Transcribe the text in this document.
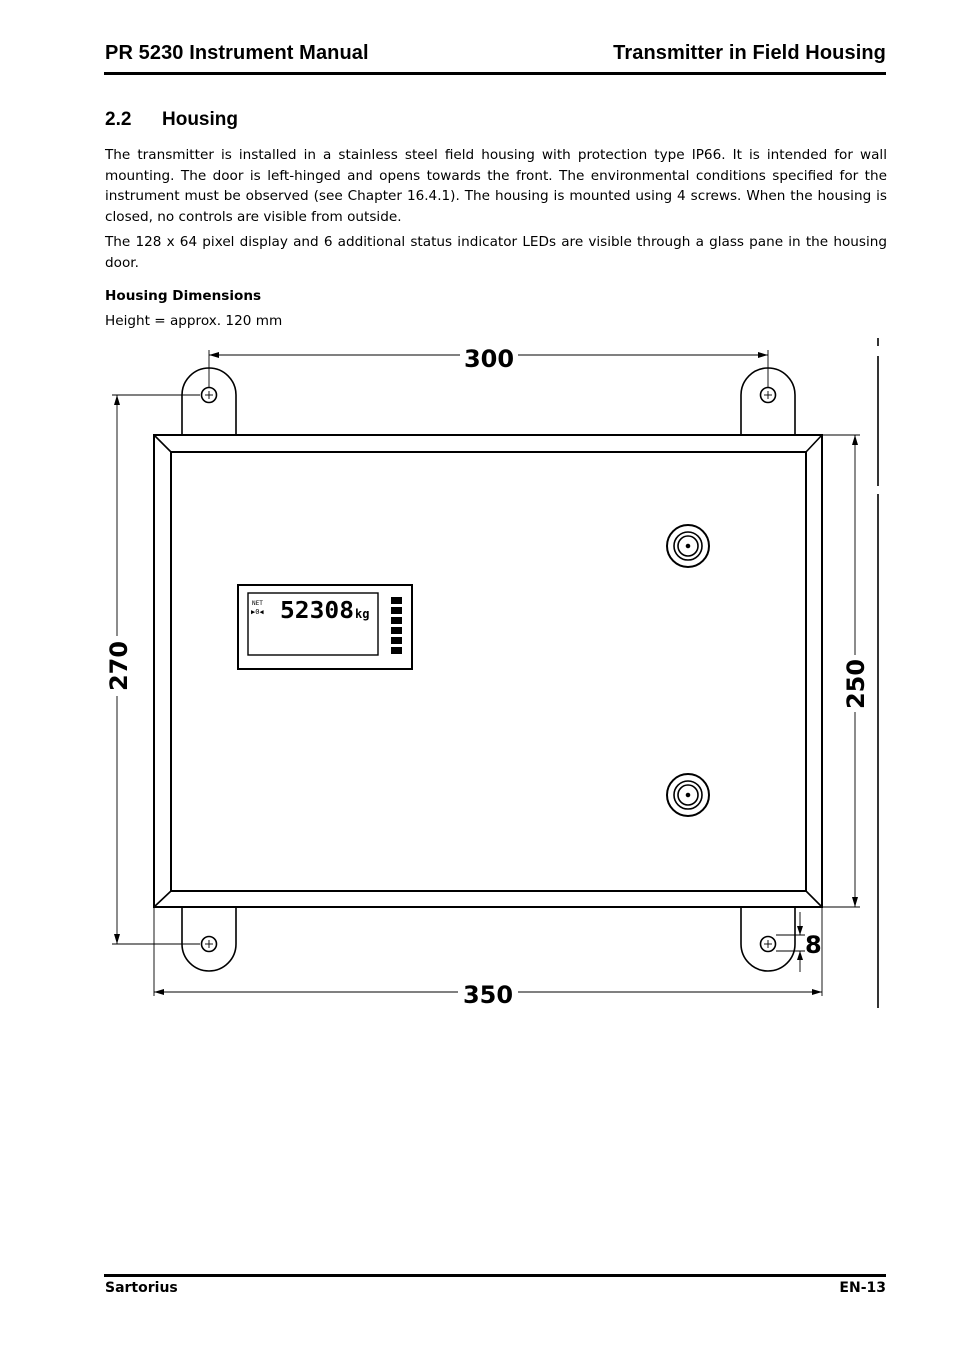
PR 5230 Instrument Manual	Transmitter in Field Housing
2.2 Housing
The transmitter is installed in a stainless steel field housing with protection type IP66. It is intended for wall mounting. The door is left-hinged and opens towards the front. The environmental conditions specified for the instrument must be observed (see Chapter 16.4.1). The housing is mounted using 4 screws. When the housing is closed, no controls are visible from outside.
The 128 x 64 pixel display and 6 additional status indicator LEDs are visible through a glass pane in the housing door.
Housing Dimensions
Height = approx. 120 mm
NET
▶0◀ 52308 kg
300
350
270	250
8
Sartorius	EN-13
